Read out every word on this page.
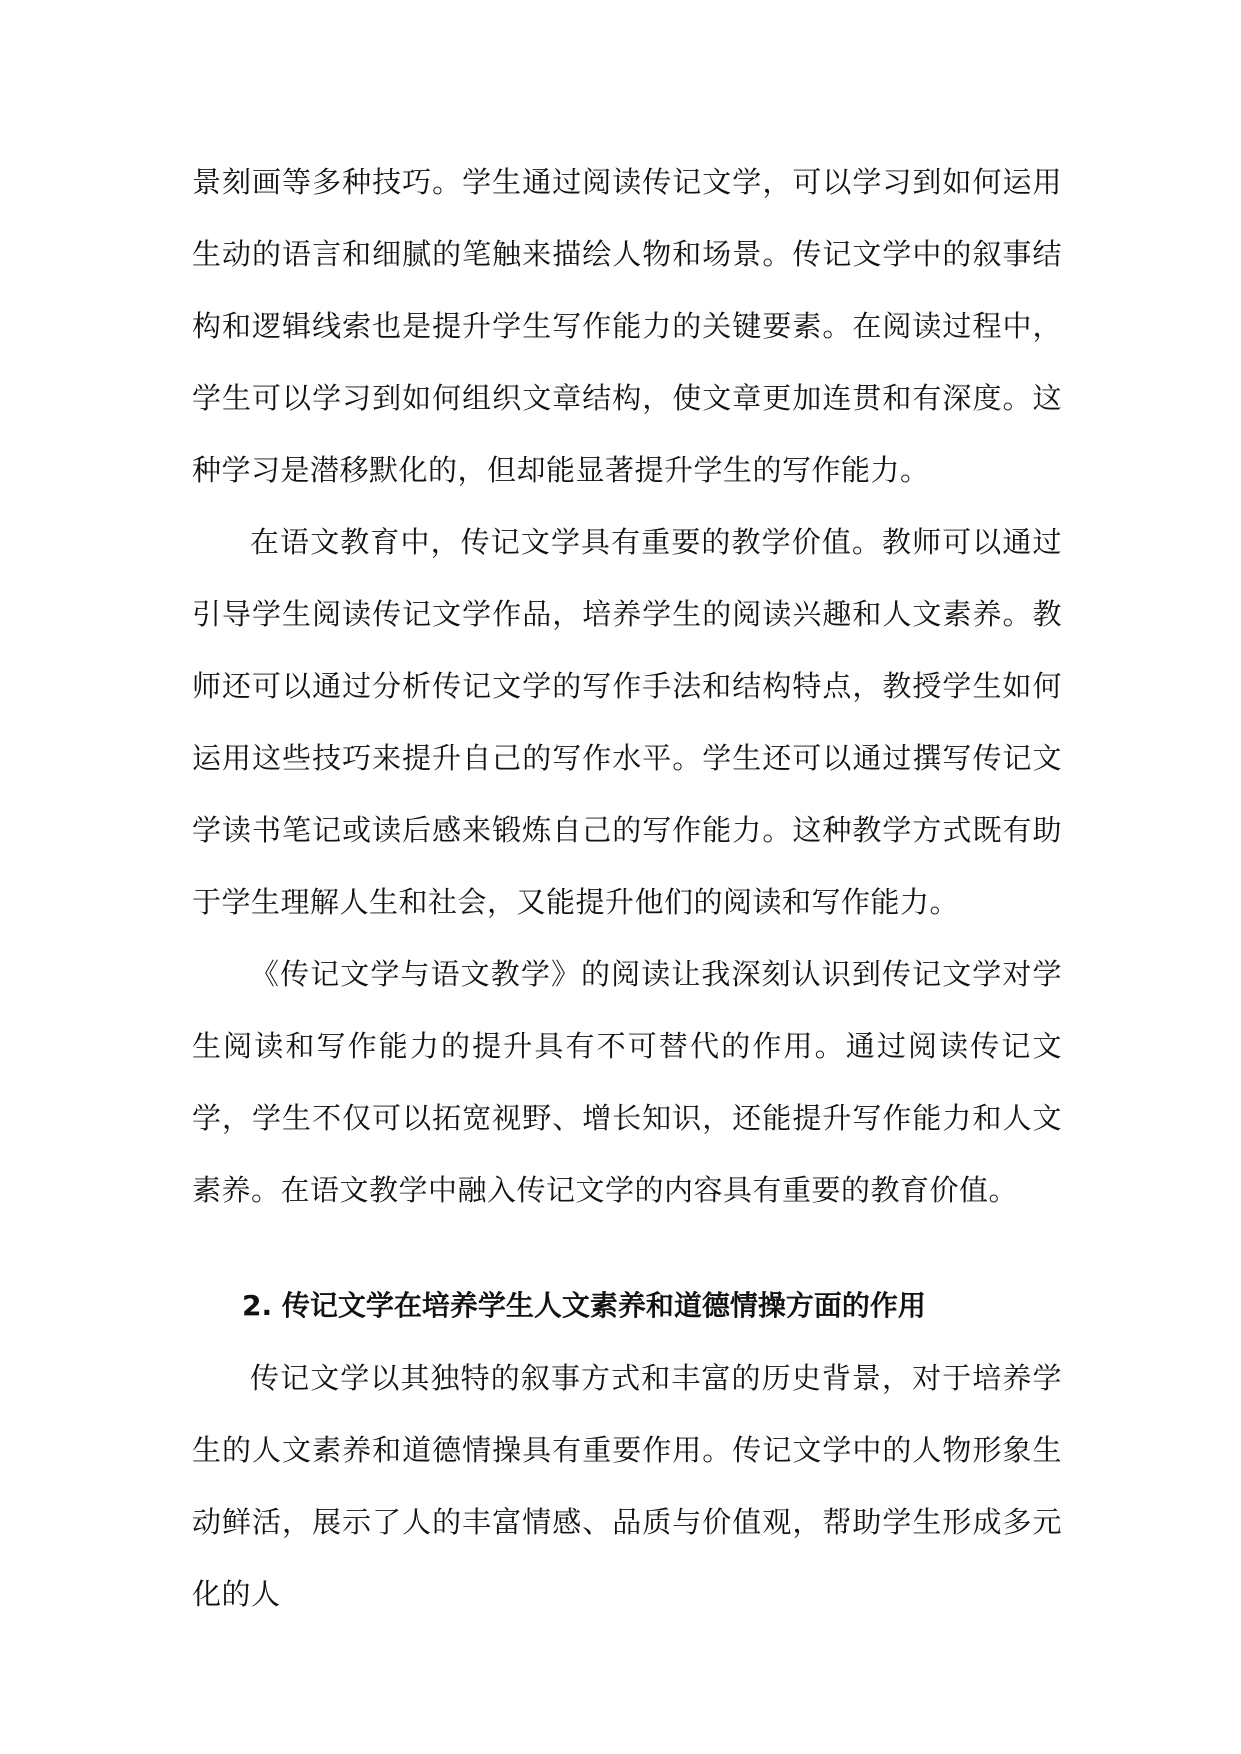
景刻画等多种技巧。学生通过阅读传记文学，可以学习到如何运用生动的语言和细腻的笔触来描绘人物和场景。传记文学中的叙事结构和逻辑线索也是提升学生写作能力的关键要素。在阅读过程中，学生可以学习到如何组织文章结构，使文章更加连贯和有深度。这种学习是潜移默化的，但却能显著提升学生的写作能力。

在语文教育中，传记文学具有重要的教学价值。教师可以通过引导学生阅读传记文学作品，培养学生的阅读兴趣和人文素养。教师还可以通过分析传记文学的写作手法和结构特点，教授学生如何运用这些技巧来提升自己的写作水平。学生还可以通过撰写传记文学读书笔记或读后感来锻炼自己的写作能力。这种教学方式既有助于学生理解人生和社会，又能提升他们的阅读和写作能力。

《传记文学与语文教学》的阅读让我深刻认识到传记文学对学生阅读和写作能力的提升具有不可替代的作用。通过阅读传记文学，学生不仅可以拓宽视野、增长知识，还能提升写作能力和人文素养。在语文教学中融入传记文学的内容具有重要的教育价值。

2. 传记文学在培养学生人文素养和道德情操方面的作用

传记文学以其独特的叙事方式和丰富的历史背景，对于培养学生的人文素养和道德情操具有重要作用。传记文学中的人物形象生动鲜活，展示了人的丰富情感、品质与价值观，帮助学生形成多元化的人
